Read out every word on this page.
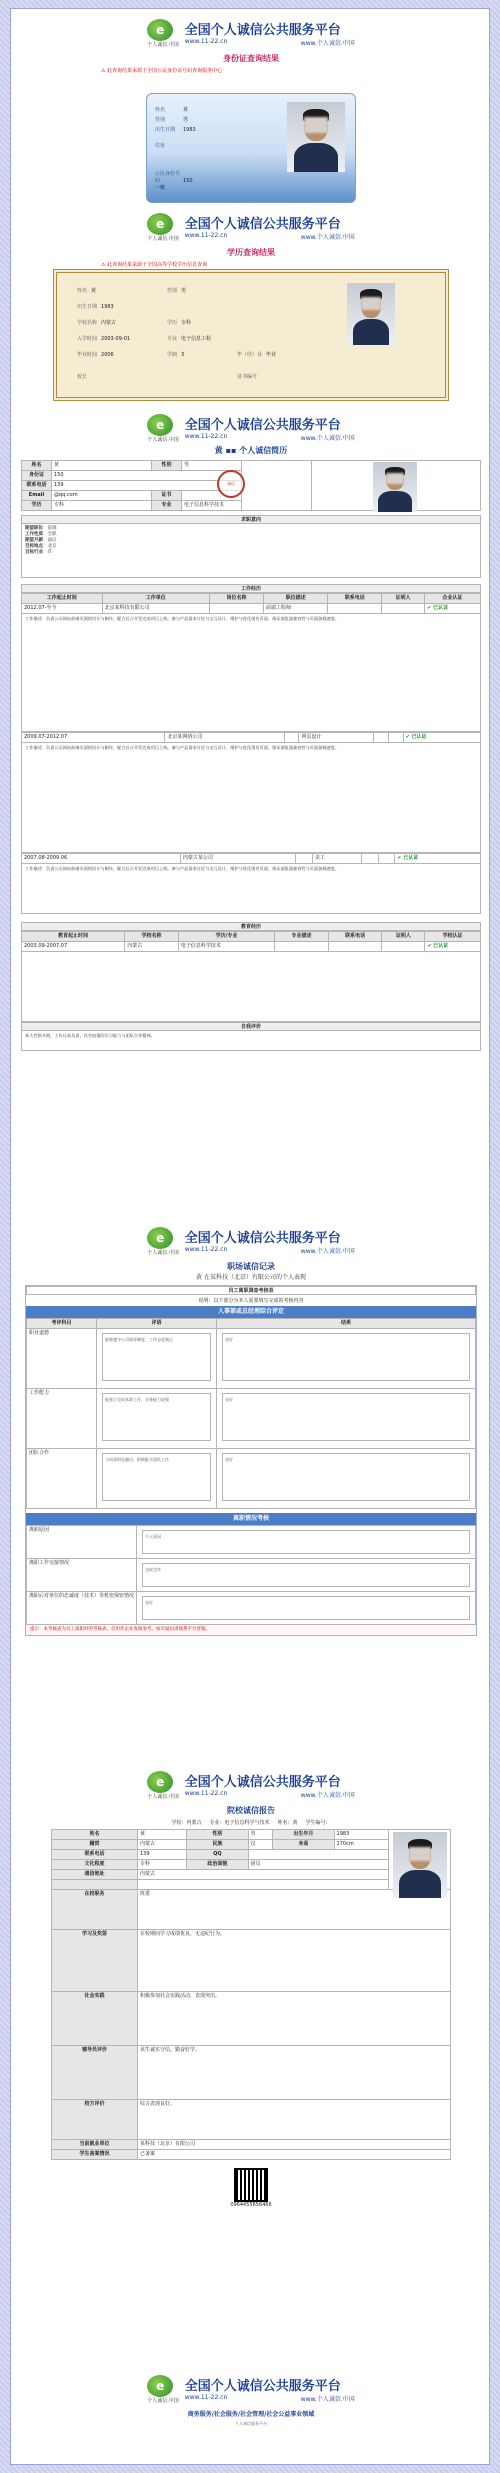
e
个人诚信.中国
全国个人诚信公共服务平台
www.11-22.cn	www.个人诚信.中国
身份证查询结果
⚠ 此查询结果来源于全国公民身份证号码查询服务中心
姓名	黄
性别	男
出生日期 1983
住址
公民身份号码	150
一致
e
个人诚信.中国
全国个人诚信公共服务平台
www.11-22.cn	www.个人诚信.中国
学历查询结果
⚠ 此查询结果来源于全国高等学校学历信息查询
姓名 黄	性别 男
出生日期 1983
学校名称 内蒙古	学历 专科
入学时间 2003-09-01	专业 电子信息工程
毕业时间 2006	学制 3	毕（结）业 毕业
校长	证书编号
e
个人诚信.中国
全国个人诚信公共服务平台
www.11-22.cn	www.个人诚信.中国
黄 ▪▪ 个人诚信简历
姓名	黄	性别	男		
身份证	150				
联系电话	139				
Email	@qq.com	证书			
学历	专科	专业	电子信息科学技术		
诚信
求职意向
期望职位：前端
工作性质：全职
期望月薪：面议
目标地点：北京
目标行业：IT
工作经历
工作起止时间	工作单位	岗位名称	职位描述	联系电话	证明人	企业认证
2012.07-至今	北京某科技有限公司		前端工程师			✔ 已认证
工作描述：负责公司网站前端页面的设计与制作，配合后台开发完成项目上线，参与产品需求讨论与交互设计，维护与优化现有页面，保证浏览器兼容性与页面加载速度。
2009.07-2012.07	北京某网络公司		网页设计			✔ 已认证
工作描述：负责公司网站前端页面的设计与制作，配合后台开发完成项目上线，参与产品需求讨论与交互设计，维护与优化现有页面，保证浏览器兼容性与页面加载速度。
2007.08-2009.06	内蒙古某公司		美工			✔ 已认证
工作描述：负责公司网站前端页面的设计与制作，配合后台开发完成项目上线，参与产品需求讨论与交互设计，维护与优化现有页面，保证浏览器兼容性与页面加载速度。
教育经历
教育起止时间	学校名称	学历/专业	专业描述	联系电话	证明人	学校认证
2003.09-2007.07	内蒙古	电子信息科学技术				✔ 已认证
自我评价
本人性格开朗，工作认真负责，具有较强的学习能力与团队合作精神。
e
个人诚信.中国
全国个人诚信公共服务平台
www.11-22.cn	www.个人诚信.中国
职场诚信记录
黄 在某科技（北京）有限公司的个人表现
员工离职调查考核表
说明：以下部分为本人需要填写完成的考核内容
人事部或总经理综合评定
考评科目	评语	结果
职业道德	能够遵守公司规章制度，工作态度端正	良好

工作能力	能独立完成本职工作，业务能力较强	良好

团队合作	与同事相处融洽，积极配合团队工作	良好
离职情况考核
离职原因	个人原因

离职工作交接情况	交接完毕

离职后对单位的忠诚度（技术）等机密保密情况	良好
提示：本考核表为员工离职时的考核表，仅用作企业查阅参考。如有疑问请联系平台客服。
e
个人诚信.中国
全国个人诚信公共服务平台
www.11-22.cn	www.个人诚信.中国
院校诚信报告
学校：内蒙古 专业：电子信息科学与技术 姓名：黄 学生编号：
姓名	黄	性别	男	出生年月	1983	
籍贯	内蒙古	民族	汉	身高	170cm	
联系电话	139	QQ				
文化程度	专科	政治面貌	团员			
通信地址	内蒙古					

在校职务	班委					
学习及奖惩	在校期间学习成绩优良，无违纪行为。					
社会实践	积极参加社会实践活动，表现突出。					
辅导员评价	该生诚实守信，勤奋好学。					
校方评价	综合表现良好。					
当前就业单位	某科技（北京）有限公司					
学生备案情况	已备案					
0964455656466
e
个人诚信.中国
全国个人诚信公共服务平台
www.11-22.cn	www.个人诚信.中国
商务服务/社会服务/社会管理/社会公益事业领域
个人诚信服务平台
